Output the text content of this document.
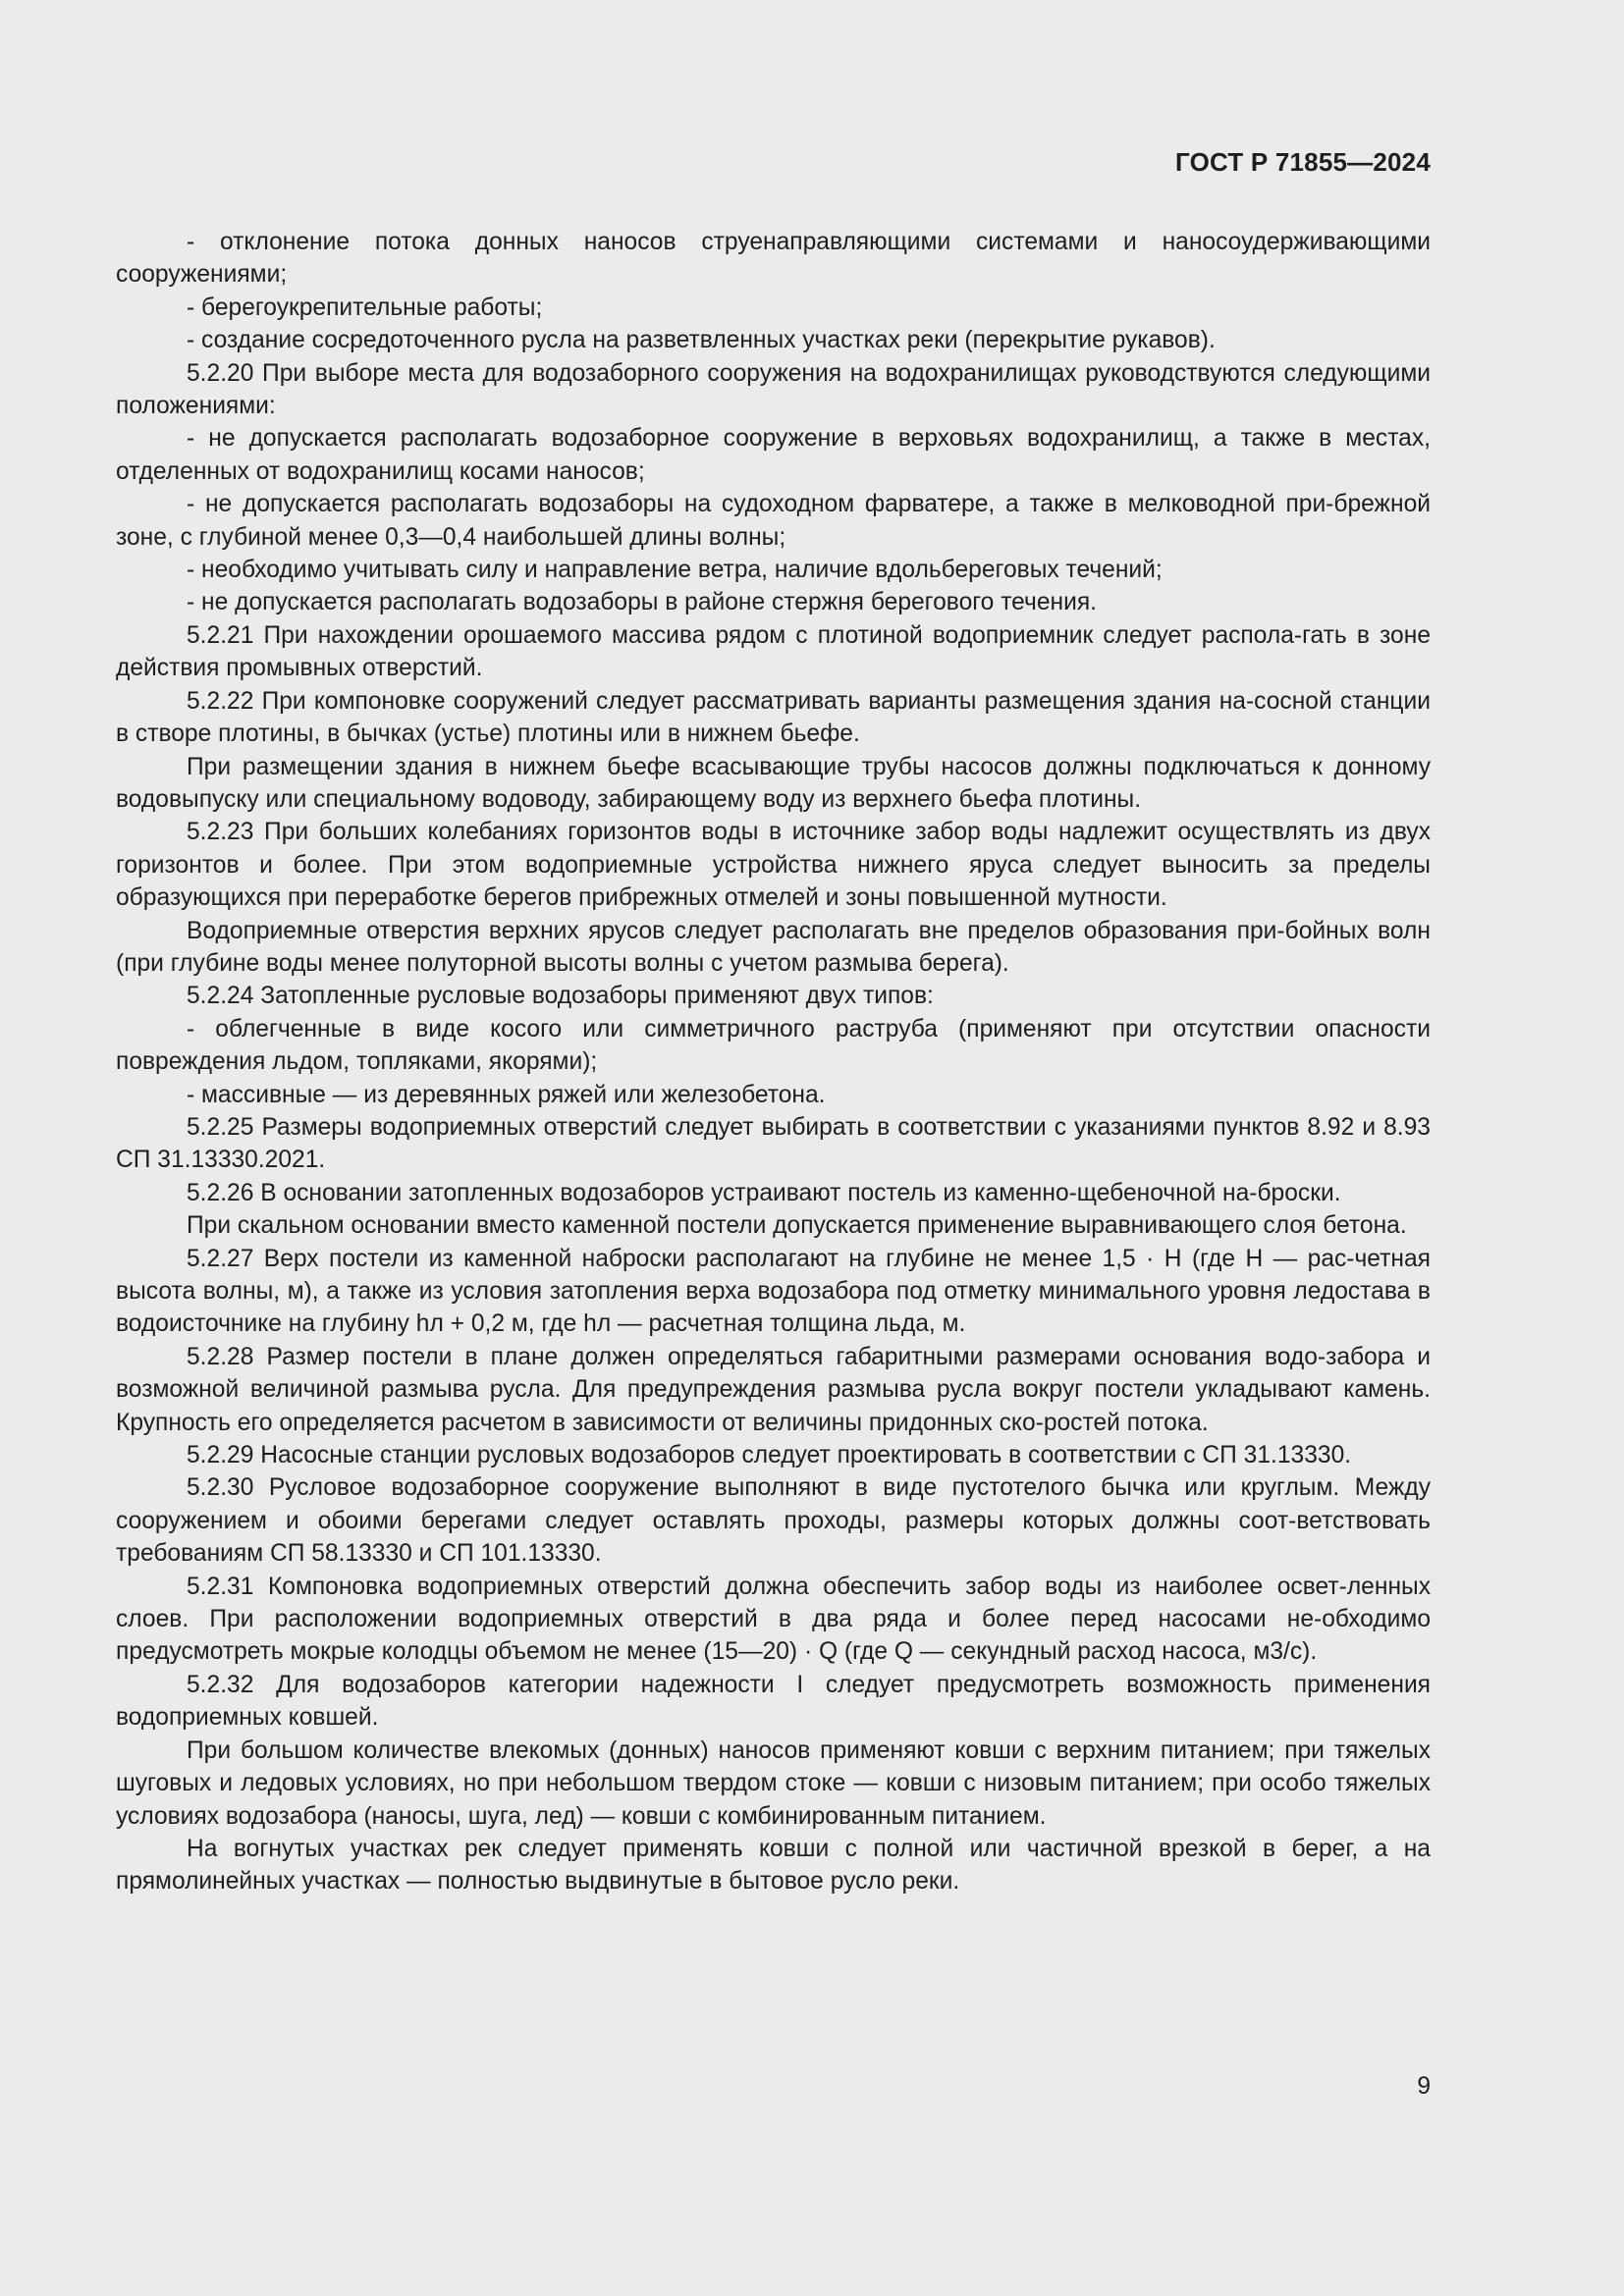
ГОСТ Р 71855—2024

- отклонение потока донных наносов струенаправляющими системами и наносоудерживающими сооружениями;

- берегоукрепительные работы;

- создание сосредоточенного русла на разветвленных участках реки (перекрытие рукавов).

5.2.20 При выборе места для водозаборного сооружения на водохранилищах руководствуются следующими положениями:

- не допускается располагать водозаборное сооружение в верховьях водохранилищ, а также в местах, отделенных от водохранилищ косами наносов;

- не допускается располагать водозаборы на судоходном фарватере, а также в мелководной при-брежной зоне, с глубиной менее 0,3—0,4 наибольшей длины волны;

- необходимо учитывать силу и направление ветра, наличие вдольбереговых течений;

- не допускается располагать водозаборы в районе стержня берегового течения.

5.2.21 При нахождении орошаемого массива рядом с плотиной водоприемник следует распола-гать в зоне действия промывных отверстий.

5.2.22 При компоновке сооружений следует рассматривать варианты размещения здания на-сосной станции в створе плотины, в бычках (устье) плотины или в нижнем бьефе.

При размещении здания в нижнем бьефе всасывающие трубы насосов должны подключаться к донному водовыпуску или специальному водоводу, забирающему воду из верхнего бьефа плотины.

5.2.23 При больших колебаниях горизонтов воды в источнике забор воды надлежит осуществлять из двух горизонтов и более. При этом водоприемные устройства нижнего яруса следует выносить за пределы образующихся при переработке берегов прибрежных отмелей и зоны повышенной мутности.

Водоприемные отверстия верхних ярусов следует располагать вне пределов образования при-бойных волн (при глубине воды менее полуторной высоты волны с учетом размыва берега).

5.2.24 Затопленные русловые водозаборы применяют двух типов:

- облегченные в виде косого или симметричного раструба (применяют при отсутствии опасности повреждения льдом, топляками, якорями);

- массивные — из деревянных ряжей или железобетона.

5.2.25 Размеры водоприемных отверстий следует выбирать в соответствии с указаниями пунктов 8.92 и 8.93 СП 31.13330.2021.

5.2.26 В основании затопленных водозаборов устраивают постель из каменно-щебеночной на-броски.

При скальном основании вместо каменной постели допускается применение выравнивающего слоя бетона.

5.2.27 Верх постели из каменной наброски располагают на глубине не менее 1,5 · H (где H — рас-четная высота волны, м), а также из условия затопления верха водозабора под отметку минимального уровня ледостава в водоисточнике на глубину hл + 0,2 м, где hл — расчетная толщина льда, м.

5.2.28 Размер постели в плане должен определяться габаритными размерами основания водо-забора и возможной величиной размыва русла. Для предупреждения размыва русла вокруг постели укладывают камень. Крупность его определяется расчетом в зависимости от величины придонных ско-ростей потока.

5.2.29 Насосные станции русловых водозаборов следует проектировать в соответствии с СП 31.13330.

5.2.30 Русловое водозаборное сооружение выполняют в виде пустотелого бычка или круглым. Между сооружением и обоими берегами следует оставлять проходы, размеры которых должны соот-ветствовать требованиям СП 58.13330 и СП 101.13330.

5.2.31 Компоновка водоприемных отверстий должна обеспечить забор воды из наиболее освет-ленных слоев. При расположении водоприемных отверстий в два ряда и более перед насосами не-обходимо предусмотреть мокрые колодцы объемом не менее (15—20) · Q (где Q — секундный расход насоса, м3/с).

5.2.32 Для водозаборов категории надежности I следует предусмотреть возможность применения водоприемных ковшей.

При большом количестве влекомых (донных) наносов применяют ковши с верхним питанием; при тяжелых шуговых и ледовых условиях, но при небольшом твердом стоке — ковши с низовым питанием; при особо тяжелых условиях водозабора (наносы, шуга, лед) — ковши с комбинированным питанием.

На вогнутых участках рек следует применять ковши с полной или частичной врезкой в берег, а на прямолинейных участках — полностью выдвинутые в бытовое русло реки.

9
